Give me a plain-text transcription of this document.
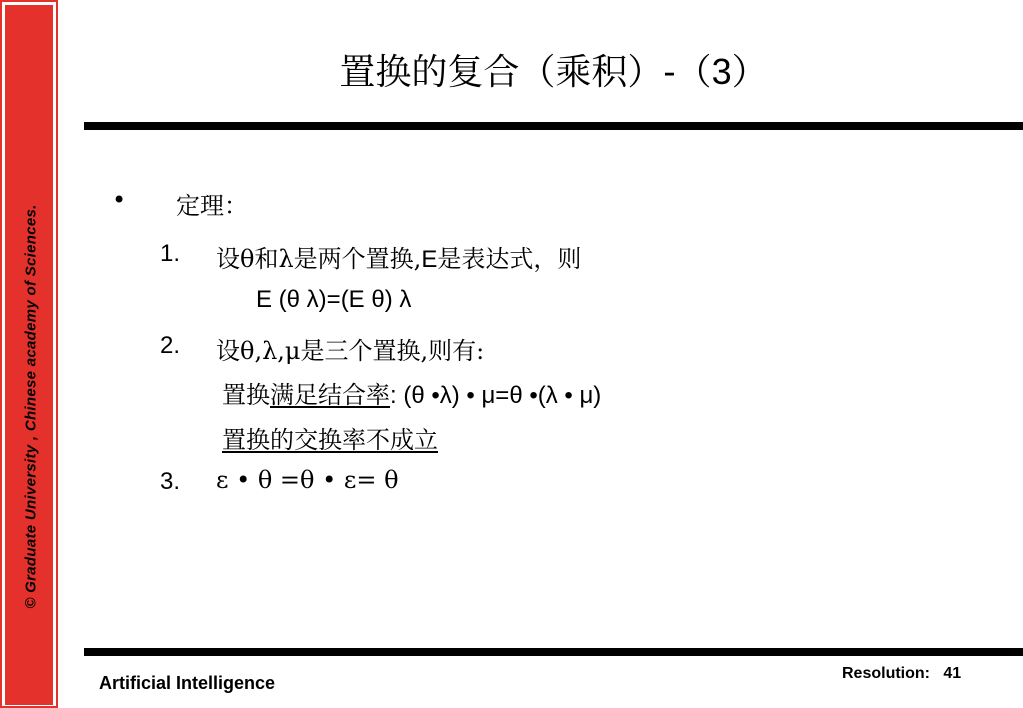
© Graduate University , Chinese academy of Sciences.
置换的复合（乘积）-（3）
• 定理：
1. 设θ和λ是两个置换,E是表达式，则
E (θ λ)=(E θ) λ
2. 设θ,λ,μ是三个置换,则有:
置换满足结合率: (θ •λ) • μ=θ •(λ • μ)
置换的交换率不成立
3. ε • θ =θ • ε= θ
Artificial Intelligence	Resolution: 41
